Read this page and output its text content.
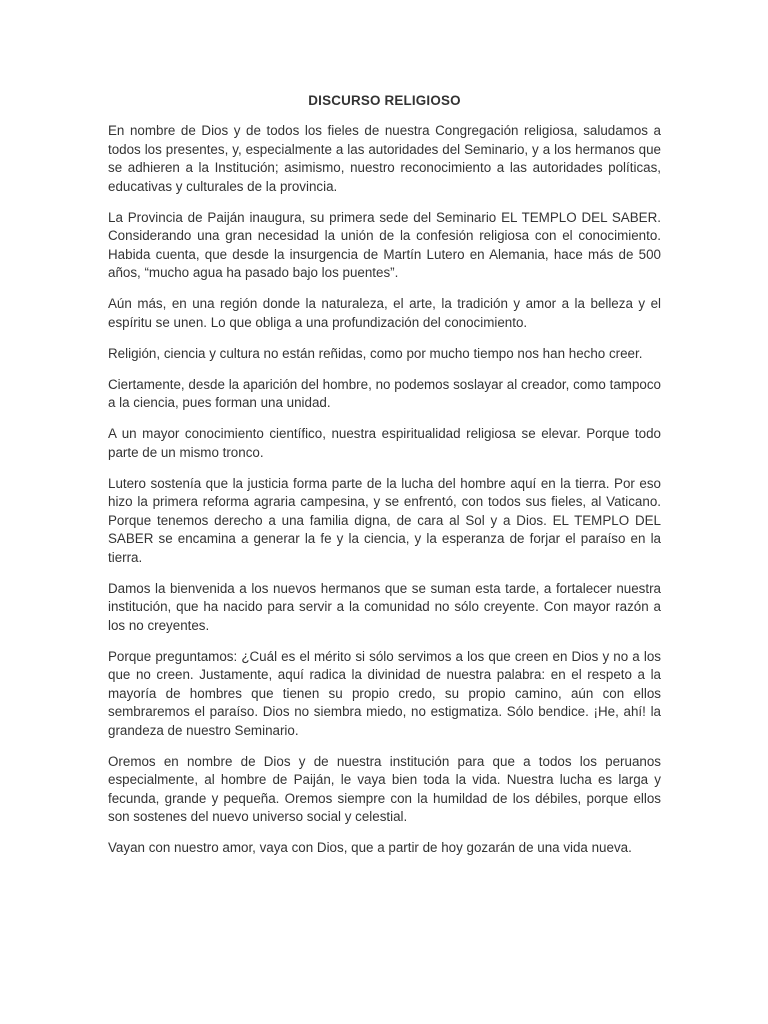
DISCURSO RELIGIOSO

En nombre de Dios y de todos los fieles de nuestra Congregación religiosa, saludamos a todos los presentes, y, especialmente a las autoridades del Seminario, y a los hermanos que se adhieren a la Institución; asimismo, nuestro reconocimiento a las autoridades políticas, educativas y culturales de la provincia.

La Provincia de Paiján inaugura, su primera sede del Seminario EL TEMPLO DEL SABER. Considerando una gran necesidad la unión de la confesión religiosa con el conocimiento. Habida cuenta, que desde la insurgencia de Martín Lutero en Alemania, hace más de 500 años, “mucho agua ha pasado bajo los puentes”.

Aún más, en una región donde la naturaleza, el arte, la tradición y amor a la belleza y el espíritu se unen. Lo que obliga a una profundización del conocimiento.

Religión, ciencia y cultura no están reñidas, como por mucho tiempo nos han hecho creer.

Ciertamente, desde la aparición del hombre, no podemos soslayar al creador, como tampoco a la ciencia, pues forman una unidad.

A un mayor conocimiento científico, nuestra espiritualidad religiosa se elevar. Porque todo parte de un mismo tronco.

Lutero sostenía que la justicia forma parte de la lucha del hombre aquí en la tierra. Por eso hizo la primera reforma agraria campesina, y se enfrentó, con todos sus fieles, al Vaticano. Porque tenemos derecho a una familia digna, de cara al Sol y a Dios. EL TEMPLO DEL SABER se encamina a generar la fe y la ciencia, y la esperanza de forjar el paraíso en la tierra.

Damos la bienvenida a los nuevos hermanos que se suman esta tarde, a fortalecer nuestra institución, que ha nacido para servir a la comunidad no sólo creyente. Con mayor razón a los no creyentes.

Porque preguntamos: ¿Cuál es el mérito si sólo servimos a los que creen en Dios y no a los que no creen. Justamente, aquí radica la divinidad de nuestra palabra: en el respeto a la mayoría de hombres que tienen su propio credo, su propio camino, aún con ellos sembraremos el paraíso. Dios no siembra miedo, no estigmatiza. Sólo bendice. ¡He, ahí! la grandeza de nuestro Seminario.

Oremos en nombre de Dios y de nuestra institución para que a todos los peruanos especialmente, al hombre de Paiján, le vaya bien toda la vida. Nuestra lucha es larga y fecunda, grande y pequeña. Oremos siempre con la humildad de los débiles, porque ellos son sostenes del nuevo universo social y celestial.

Vayan con nuestro amor, vaya con Dios, que a partir de hoy gozarán de una vida nueva.
